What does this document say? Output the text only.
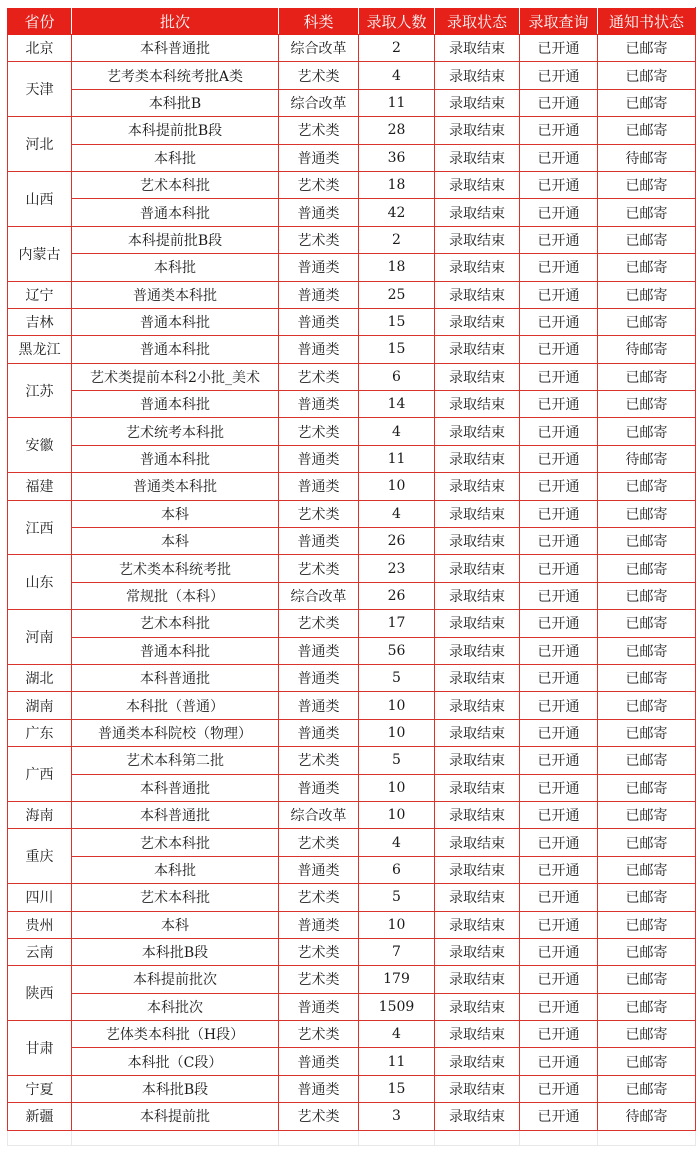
省份	批次	科类	录取人数	录取状态	录取查询	通知书状态
北京	本科普通批	综合改革	2	录取结束	已开通	已邮寄
天津	艺考类本科统考批A类	艺术类	4	录取结束	已开通	已邮寄
	本科批B	综合改革	11	录取结束	已开通	已邮寄
河北	本科提前批B段	艺术类	28	录取结束	已开通	已邮寄
	本科批	普通类	36	录取结束	已开通	待邮寄
山西	艺术本科批	艺术类	18	录取结束	已开通	已邮寄
	普通本科批	普通类	42	录取结束	已开通	已邮寄
内蒙古	本科提前批B段	艺术类	2	录取结束	已开通	已邮寄
	本科批	普通类	18	录取结束	已开通	已邮寄
辽宁	普通类本科批	普通类	25	录取结束	已开通	已邮寄
吉林	普通本科批	普通类	15	录取结束	已开通	已邮寄
黑龙江	普通本科批	普通类	15	录取结束	已开通	待邮寄
江苏	艺术类提前本科2小批_美术	艺术类	6	录取结束	已开通	已邮寄
	普通本科批	普通类	14	录取结束	已开通	已邮寄
安徽	艺术统考本科批	艺术类	4	录取结束	已开通	已邮寄
	普通本科批	普通类	11	录取结束	已开通	待邮寄
福建	普通类本科批	普通类	10	录取结束	已开通	已邮寄
江西	本科	艺术类	4	录取结束	已开通	已邮寄
	本科	普通类	26	录取结束	已开通	已邮寄
山东	艺术类本科统考批	艺术类	23	录取结束	已开通	已邮寄
	常规批（本科）	综合改革	26	录取结束	已开通	已邮寄
河南	艺术本科批	艺术类	17	录取结束	已开通	已邮寄
	普通本科批	普通类	56	录取结束	已开通	已邮寄
湖北	本科普通批	普通类	5	录取结束	已开通	已邮寄
湖南	本科批（普通）	普通类	10	录取结束	已开通	已邮寄
广东	普通类本科院校（物理）	普通类	10	录取结束	已开通	已邮寄
广西	艺术本科第二批	艺术类	5	录取结束	已开通	已邮寄
	本科普通批	普通类	10	录取结束	已开通	已邮寄
海南	本科普通批	综合改革	10	录取结束	已开通	已邮寄
重庆	艺术本科批	艺术类	4	录取结束	已开通	已邮寄
	本科批	普通类	6	录取结束	已开通	已邮寄
四川	艺术本科批	艺术类	5	录取结束	已开通	已邮寄
贵州	本科	普通类	10	录取结束	已开通	已邮寄
云南	本科批B段	艺术类	7	录取结束	已开通	已邮寄
陕西	本科提前批次	艺术类	179	录取结束	已开通	已邮寄
	本科批次	普通类	1509	录取结束	已开通	已邮寄
甘肃	艺体类本科批（H段）	艺术类	4	录取结束	已开通	已邮寄
	本科批（C段）	普通类	11	录取结束	已开通	已邮寄
宁夏	本科批B段	普通类	15	录取结束	已开通	已邮寄
新疆	本科提前批	艺术类	3	录取结束	已开通	待邮寄
